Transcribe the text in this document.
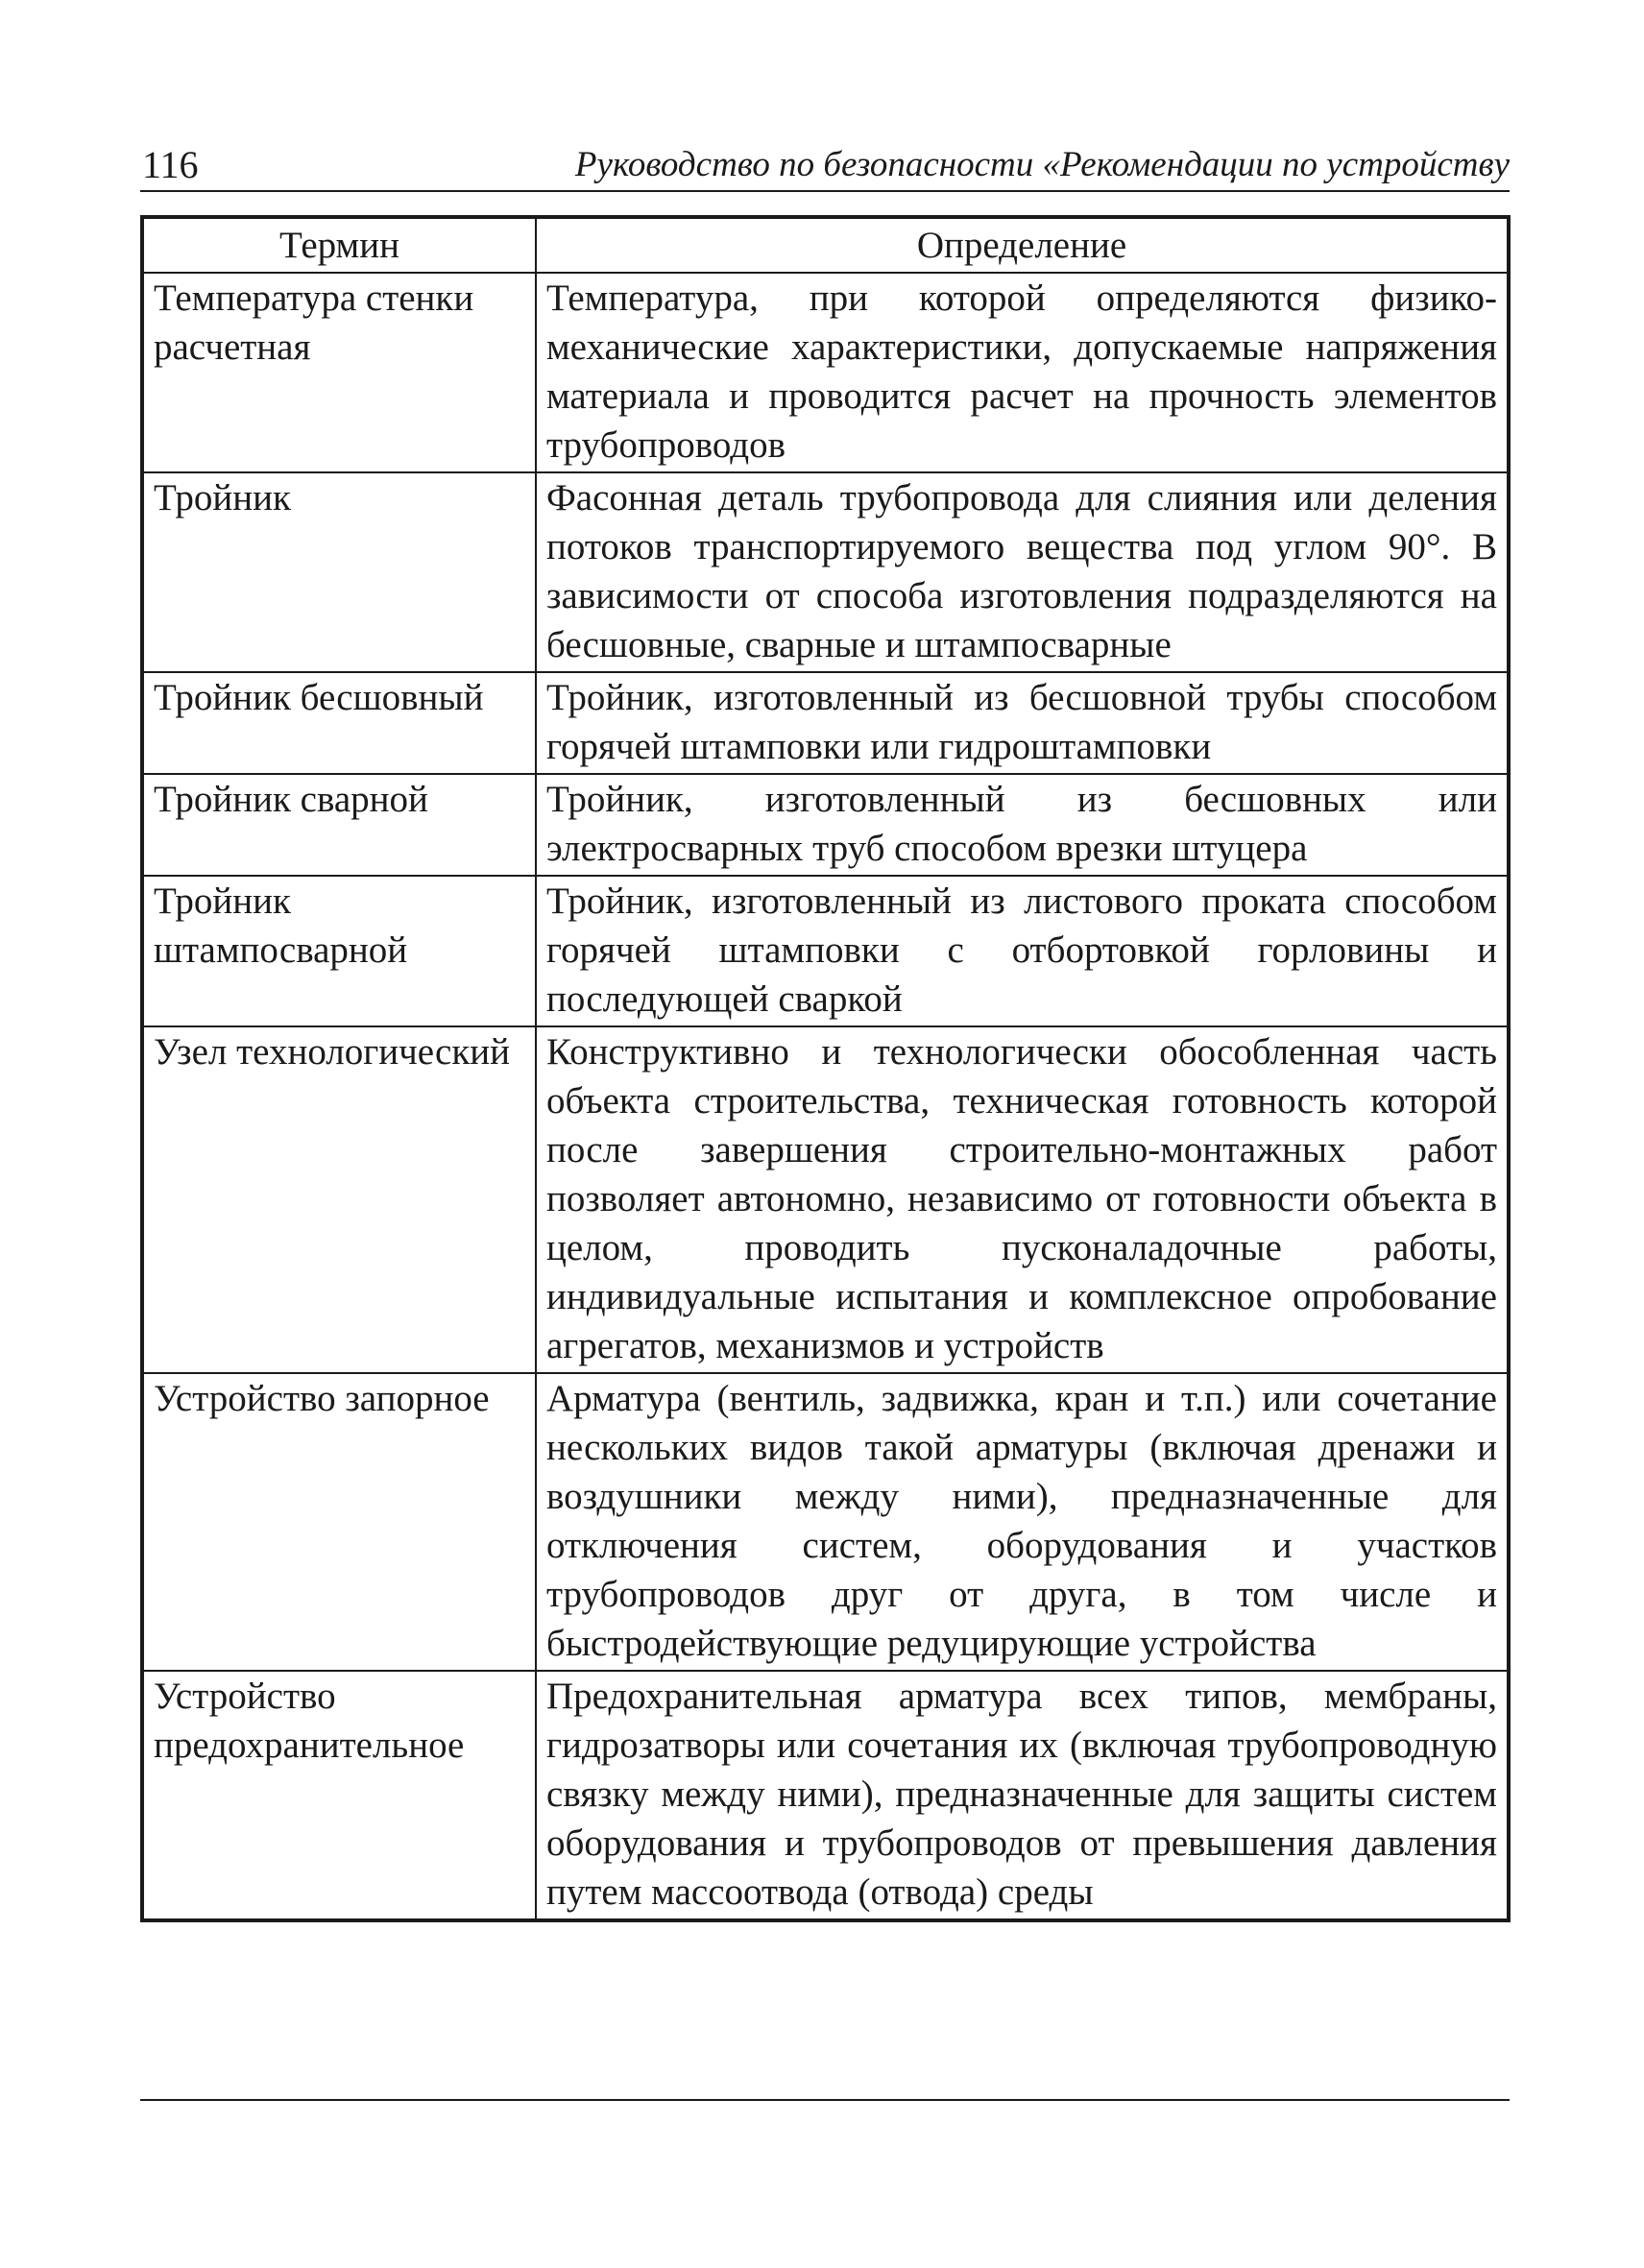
116	Руководство по безопасности «Рекомендации по устройству
Термин	Определение
Температура стенки расчетная	Температура, при которой определяются физико-механические характеристики, допускаемые напряжения материала и проводится расчет на прочность элементов трубопроводов
Тройник	Фасонная деталь трубопровода для слияния или деления потоков транспортируемого вещества под углом 90°. В зависимости от способа изготовления подразделяются на бесшовные, сварные и штампосварные
Тройник бесшовный	Тройник, изготовленный из бесшовной трубы способом горячей штамповки или гидроштамповки
Тройник сварной	Тройник, изготовленный из бесшовных или электросварных труб способом врезки штуцера
Тройник штампосварной	Тройник, изготовленный из листового проката способом горячей штамповки с отбортовкой горловины и последующей сваркой
Узел технологический	Конструктивно и технологически обособленная часть объекта строительства, техническая готовность которой после завершения строительно-монтажных работ позволяет автономно, независимо от готовности объекта в целом, проводить пусконаладочные работы, индивидуальные испытания и комплексное опробование агрегатов, механизмов и устройств
Устройство запорное	Арматура (вентиль, задвижка, кран и т.п.) или сочетание нескольких видов такой арматуры (включая дренажи и воздушники между ними), предназначенные для отключения систем, оборудования и участков трубопроводов друг от друга, в том числе и быстродействующие редуцирующие устройства
Устройство предохранительное	Предохранительная арматура всех типов, мембраны, гидрозатворы или сочетания их (включая трубопроводную связку между ними), предназначенные для защиты систем оборудования и трубопроводов от превышения давления путем массоотвода (отвода) среды
